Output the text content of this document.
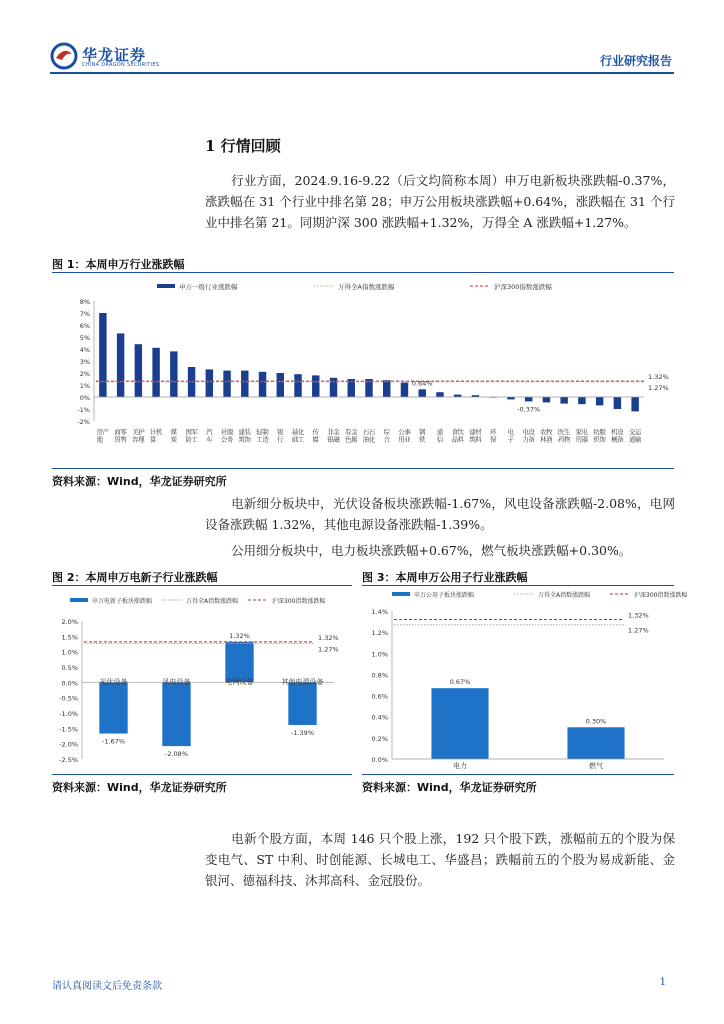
华龙证券
CHINA DRAGON SECURITIES	行业研究报告
1 行情回顾
行业方面，2024.9.16-9.22（后文均简称本周）申万电新板块涨跌幅-0.37%，涨跌幅在 31 个行业中排名第 28；申万公用板块涨跌幅+0.64%，涨跌幅在 31 个行业中排名第 21。同期沪深 300 涨跌幅+1.32%，万得全 A 涨跌幅+1.27%。
图 1：本周申万行业涨跌幅
申万一级行业涨跌幅	万得全A指数涨跌幅	沪深300指数涨跌幅
8%
7%
6%
5%
4%
3%
2%
1%
0%
-1%
-2%
1.32%
1.27%
房
地
产 商
贸
零
售
美
容
护
理
计
算
机 煤
炭
国
防
军
工
汽
车
社
会
服
务
建
筑
装
饰
轻
工
制
造
银
行
基
础
化
工
传
媒
非
银
金
融
有
色
金
属
石
油
石
化
综
合
公
用
事
业
钢
铁
通
信
食
品
饮
料
建
筑
材
料
环
保
电
子
电
力
设
备
农
林
牧
渔
医
药
生
物
家
用
电
器
纺
织
服
饰
机
械
设
备
交
通
运
输
0.64%
-0.37%
资料来源：Wind，华龙证券研究所
电新细分板块中，光伏设备板块涨跌幅-1.67%，风电设备涨跌幅-2.08%，电网设备涨跌幅 1.32%，其他电源设备涨跌幅-1.39%。
公用细分板块中，电力板块涨跌幅+0.67%，燃气板块涨跌幅+0.30%。
图 2：本周申万电新子行业涨跌幅
申万电新子板块涨跌幅	万得全A指数涨跌幅	沪深300指数涨跌幅
2.0%
1.5%
1.0%
0.5%
0.0%
-0.5%
-1.0%
-1.5%
-2.0%
-2.5%
1.32%
1.27%
光伏设备	风电设备	电网设备	其他电源设备
-1.67%
-2.08%
1.32%
-1.39%
资料来源：Wind，华龙证券研究所
图 3：本周申万公用子行业涨跌幅
申万公用子板块涨跌幅	万得全A指数涨跌幅	沪深300指数涨跌幅
1.4%
1.2%
1.0%
0.8%
0.6%
0.4%
0.2%
0.0%
1.32%
1.27%
电力	燃气
0.67%
0.30%
资料来源：Wind，华龙证券研究所
电新个股方面，本周 146 只个股上涨，192 只个股下跌，涨幅前五的个股为保变电气、ST 中利、时创能源、长城电工、华盛昌；跌幅前五的个股为易成新能、金银河、德福科技、沐邦高科、金冠股份。
请认真阅读文后免责条款	1
